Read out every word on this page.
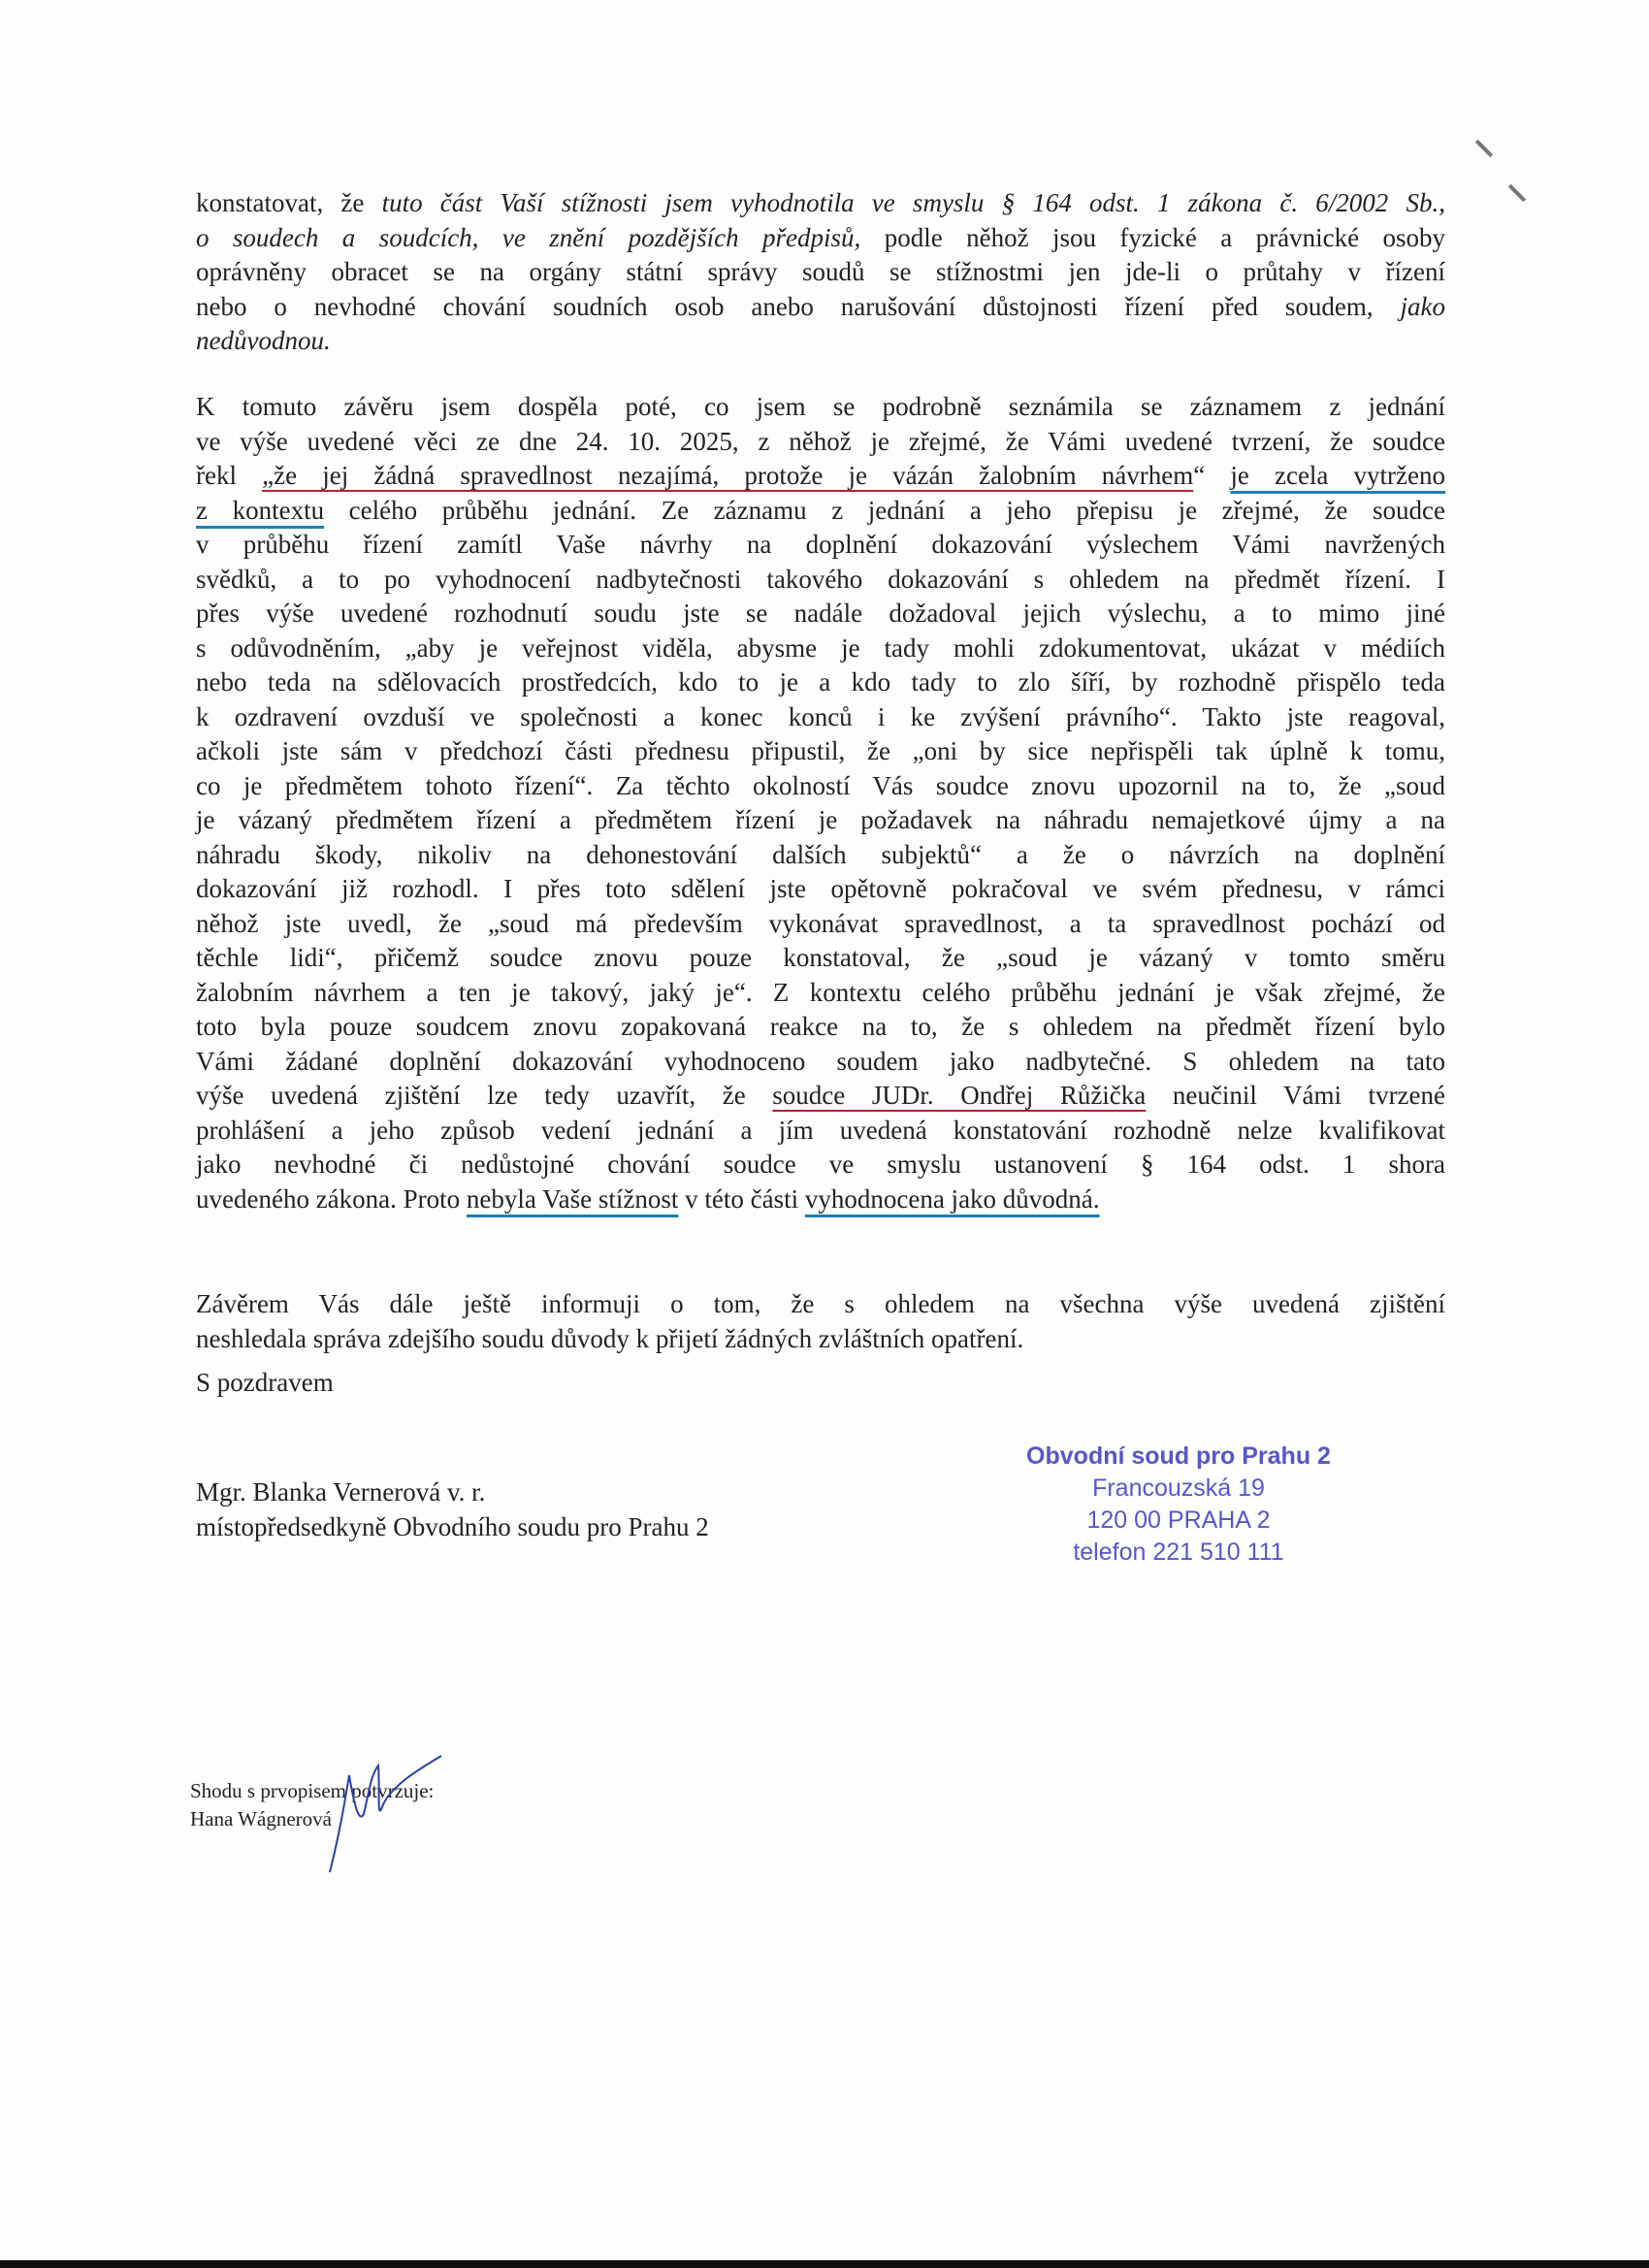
konstatovat, že tuto část Vaší stížnosti jsem vyhodnotila ve smyslu § 164 odst. 1 zákona č. 6/2002 Sb.,
o soudech a soudcích, ve znění pozdějších předpisů, podle něhož jsou fyzické a právnické osoby
oprávněny obracet se na orgány státní správy soudů se stížnostmi jen jde-li o průtahy v řízení
nebo o nevhodné chování soudních osob anebo narušování důstojnosti řízení před soudem, jako
nedůvodnou.
K tomuto závěru jsem dospěla poté, co jsem se podrobně seznámila se záznamem z jednání
ve výše uvedené věci ze dne 24. 10. 2025, z něhož je zřejmé, že Vámi uvedené tvrzení, že soudce
řekl „že jej žádná spravedlnost nezajímá, protože je vázán žalobním návrhem“ je zcela vytrženo
z kontextu celého průběhu jednání. Ze záznamu z jednání a jeho přepisu je zřejmé, že soudce
v průběhu řízení zamítl Vaše návrhy na doplnění dokazování výslechem Vámi navržených
svědků, a to po vyhodnocení nadbytečnosti takového dokazování s ohledem na předmět řízení. I
přes výše uvedené rozhodnutí soudu jste se nadále dožadoval jejich výslechu, a to mimo jiné
s odůvodněním, „aby je veřejnost viděla, abysme je tady mohli zdokumentovat, ukázat v médiích
nebo teda na sdělovacích prostředcích, kdo to je a kdo tady to zlo šíří, by rozhodně přispělo teda
k ozdravení ovzduší ve společnosti a konec konců i ke zvýšení právního“. Takto jste reagoval,
ačkoli jste sám v předchozí části přednesu připustil, že „oni by sice nepřispěli tak úplně k tomu,
co je předmětem tohoto řízení“. Za těchto okolností Vás soudce znovu upozornil na to, že „soud
je vázaný předmětem řízení a předmětem řízení je požadavek na náhradu nemajetkové újmy a na
náhradu škody, nikoliv na dehonestování dalších subjektů“ a že o návrzích na doplnění
dokazování již rozhodl. I přes toto sdělení jste opětovně pokračoval ve svém přednesu, v rámci
něhož jste uvedl, že „soud má především vykonávat spravedlnost, a ta spravedlnost pochází od
těchle lidi“, přičemž soudce znovu pouze konstatoval, že „soud je vázaný v tomto směru
žalobním návrhem a ten je takový, jaký je“. Z kontextu celého průběhu jednání je však zřejmé, že
toto byla pouze soudcem znovu zopakovaná reakce na to, že s ohledem na předmět řízení bylo
Vámi žádané doplnění dokazování vyhodnoceno soudem jako nadbytečné. S ohledem na tato
výše uvedená zjištění lze tedy uzavřít, že soudce JUDr. Ondřej Růžička neučinil Vámi tvrzené
prohlášení a jeho způsob vedení jednání a jím uvedená konstatování rozhodně nelze kvalifikovat
jako nevhodné či nedůstojné chování soudce ve smyslu ustanovení § 164 odst. 1 shora
uvedeného zákona. Proto nebyla Vaše stížnost v této části vyhodnocena jako důvodná.
Závěrem Vás dále ještě informuji o tom, že s ohledem na všechna výše uvedená zjištění
neshledala správa zdejšího soudu důvody k přijetí žádných zvláštních opatření.
S pozdravem
Mgr. Blanka Vernerová v. r.
místopředsedkyně Obvodního soudu pro Prahu 2
Obvodní soud pro Prahu 2
Francouzská 19
120 00 PRAHA 2
telefon 221 510 111
Shodu s prvopisem potvrzuje:
Hana Wágnerová
